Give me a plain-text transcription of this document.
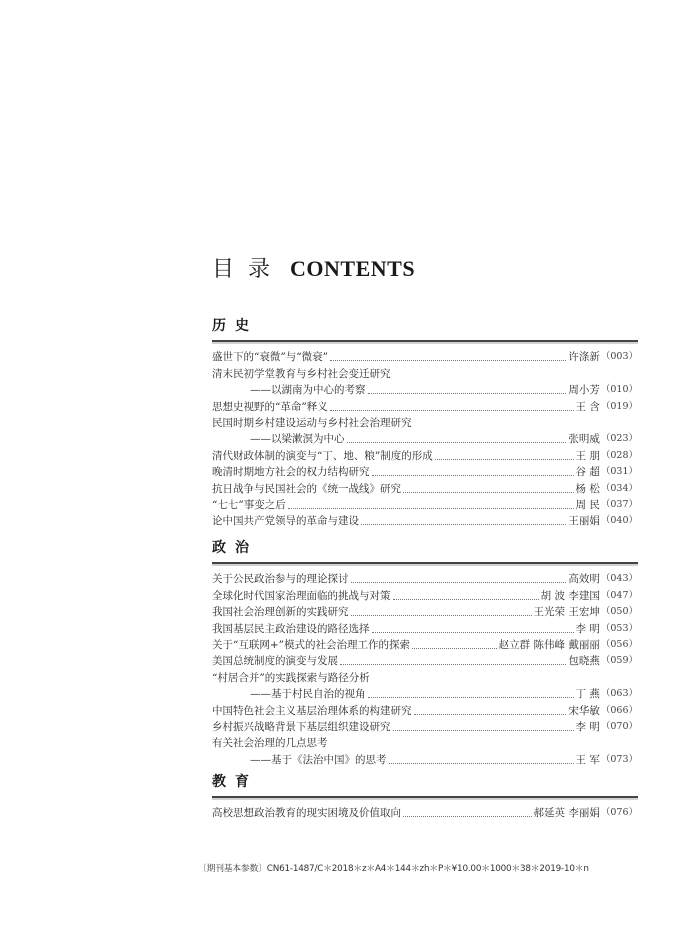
目录 CONTENTS
历史
盛世下的“衰微”与“微衰”	许涤新 （003）
清末民初学堂教育与乡村社会变迁研究
——以湖南为中心的考察	周小芳 （010）
思想史视野的“革命”释义	王 含 （019）
民国时期乡村建设运动与乡村社会治理研究
——以梁漱溟为中心	张明威 （023）
清代财政体制的演变与“丁、地、粮”制度的形成	王 朋 （028）
晚清时期地方社会的权力结构研究	谷 超 （031）
抗日战争与民国社会的《统一战线》研究	杨 松 （034）
“七七”事变之后	周 民 （037）
论中国共产党领导的革命与建设	王丽娟 （040）
政治
关于公民政治参与的理论探讨	高效明 （043）
全球化时代国家治理面临的挑战与对策	胡 波 李建国 （047）
我国社会治理创新的实践研究	王光荣 王宏坤 （050）
我国基层民主政治建设的路径选择	李 明 （053）
关于“互联网+”模式的社会治理工作的探索	赵立群 陈伟峰 戴丽丽 （056）
美国总统制度的演变与发展	包晓燕 （059）
“村居合并”的实践探索与路径分析
——基于村民自治的视角	丁 燕 （063）
中国特色社会主义基层治理体系的构建研究	宋华敏 （066）
乡村振兴战略背景下基层组织建设研究	李 明 （070）
有关社会治理的几点思考
——基于《法治中国》的思考	王 军 （073）
教育
高校思想政治教育的现实困境及价值取向	郝延英 李丽娟 （076）

〔期刊基本参数〕CN61-1487/C＊2018＊z＊A4＊144＊zh＊P＊¥10.00＊1000＊38＊2019-10＊n
